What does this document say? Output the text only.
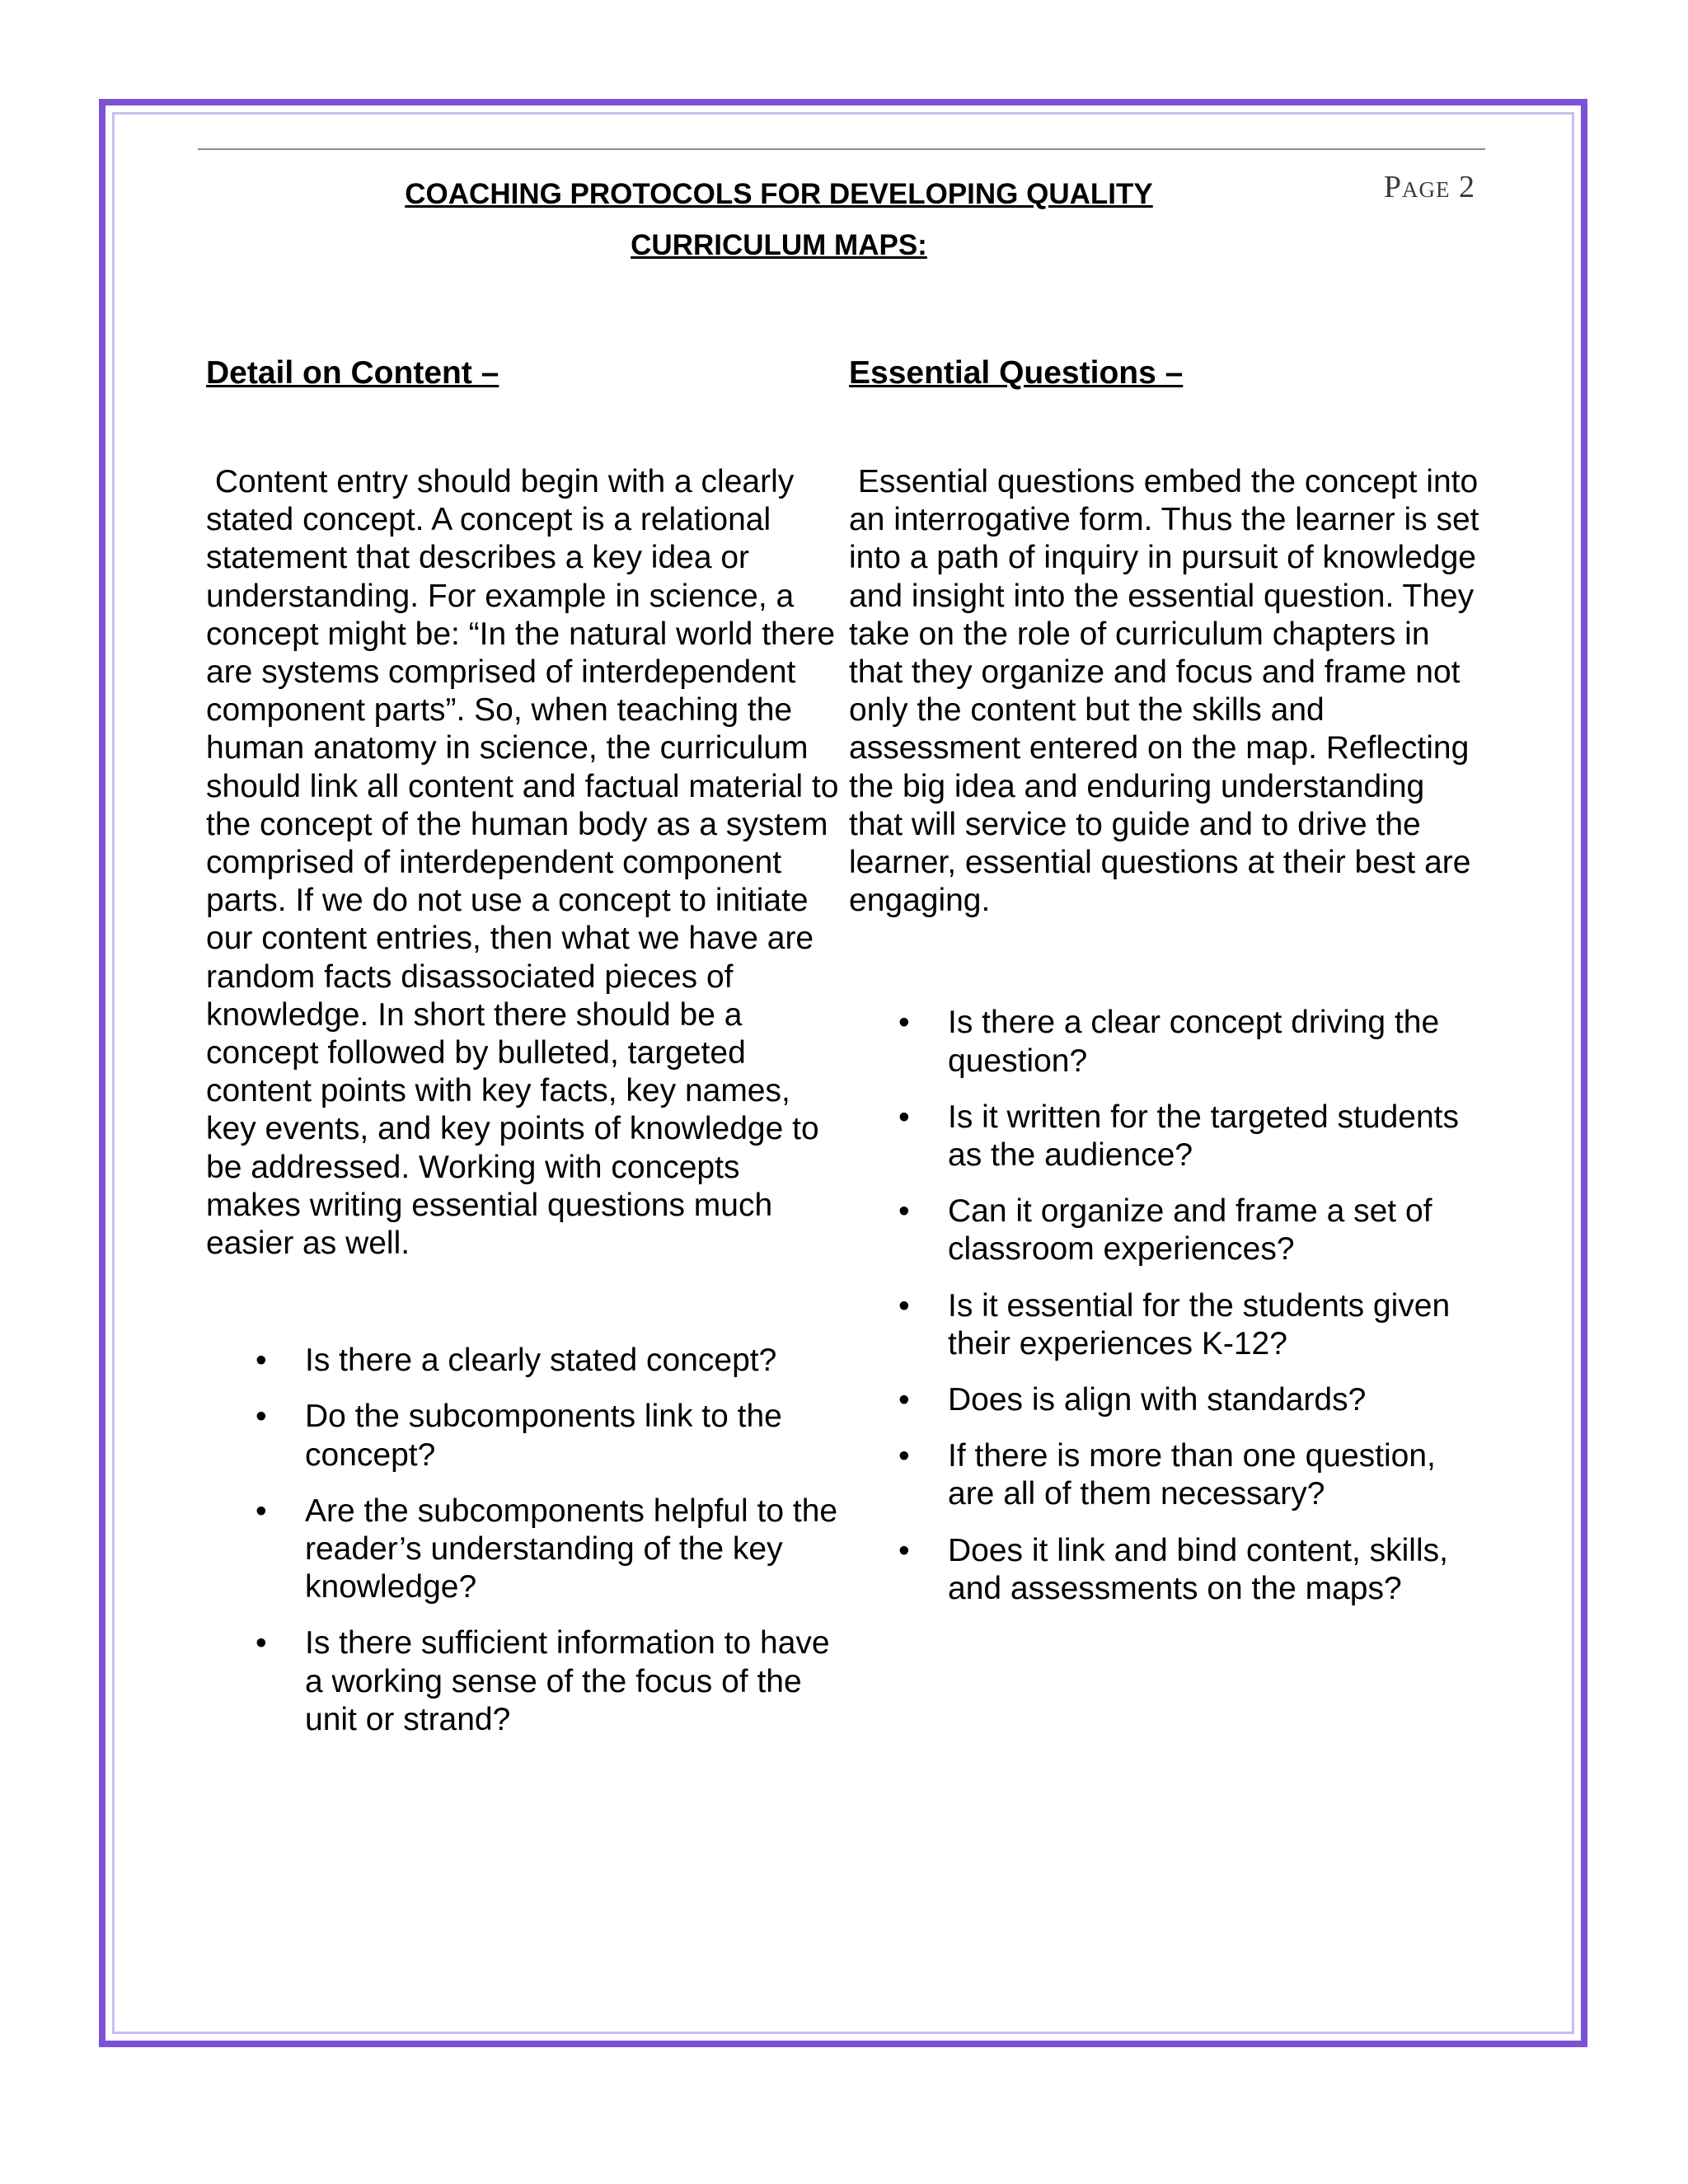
COACHING PROTOCOLS FOR DEVELOPING QUALITY
CURRICULUM MAPS:
Page 2
Detail on Content –

Content entry should begin with a clearly stated concept. A concept is a relational statement that describes a key idea or understanding. For example in science, a concept might be: “In the natural world there are systems comprised of interdependent component parts”. So, when teaching the human anatomy in science, the curriculum should link all content and factual material to the concept of the human body as a system comprised of interdependent component parts. If we do not use a concept to initiate our content entries, then what we have are random facts disassociated pieces of knowledge. In short there should be a concept followed by bulleted, targeted content points with key facts, key names, key events, and key points of knowledge to be addressed. Working with concepts makes writing essential questions much easier as well.

• Is there a clearly stated concept?
• Do the subcomponents link to the concept?
• Are the subcomponents helpful to the reader’s understanding of the key knowledge?
• Is there sufficient information to have a working sense of the focus of the unit or strand?
Essential Questions –

Essential questions embed the concept into an interrogative form. Thus the learner is set into a path of inquiry in pursuit of knowledge and insight into the essential question. They take on the role of curriculum chapters in that they organize and focus and frame not only the content but the skills and assessment entered on the map. Reflecting the big idea and enduring understanding that will service to guide and to drive the learner, essential questions at their best are engaging.

• Is there a clear concept driving the question?
• Is it written for the targeted students as the audience?
• Can it organize and frame a set of classroom experiences?
• Is it essential for the students given their experiences K-12?
• Does is align with standards?
• If there is more than one question, are all of them necessary?
• Does it link and bind content, skills, and assessments on the maps?
